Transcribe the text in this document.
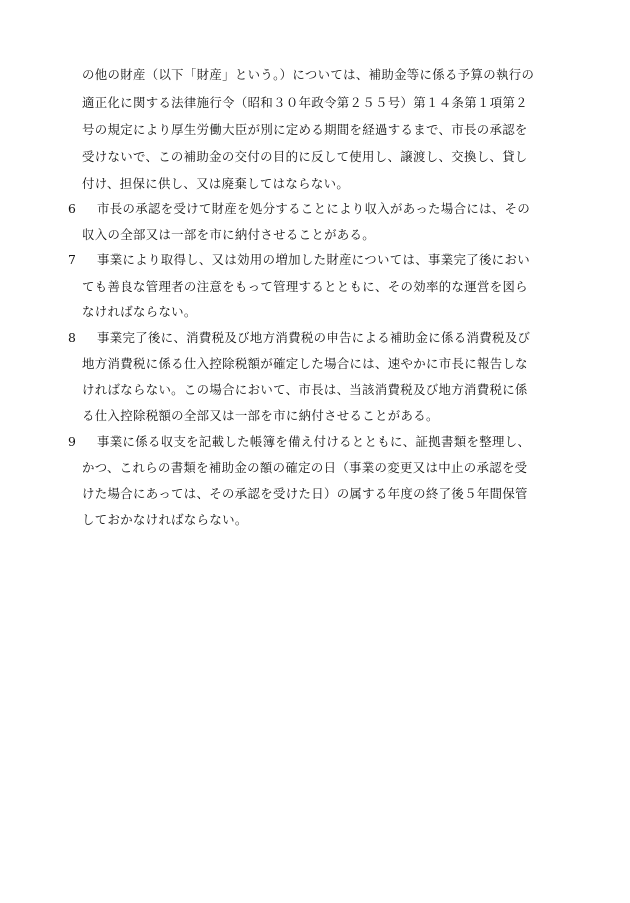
の他の財産（以下「財産」という。）については、補助金等に係る予算の執行の
適正化に関する法律施行令（昭和３０年政令第２５５号）第１４条第１項第２
号の規定により厚生労働大臣が別に定める期間を経過するまで、市長の承認を
受けないで、この補助金の交付の目的に反して使用し、譲渡し、交換し、貸し
付け、担保に供し、又は廃棄してはならない。
6 市長の承認を受けて財産を処分することにより収入があった場合には、その
収入の全部又は一部を市に納付させることがある。
7 事業により取得し、又は効用の増加した財産については、事業完了後におい
ても善良な管理者の注意をもって管理するとともに、その効率的な運営を図ら
なければならない。
8 事業完了後に、消費税及び地方消費税の申告による補助金に係る消費税及び
地方消費税に係る仕入控除税額が確定した場合には、速やかに市長に報告しな
ければならない。この場合において、市長は、当該消費税及び地方消費税に係
る仕入控除税額の全部又は一部を市に納付させることがある。
9 事業に係る収支を記載した帳簿を備え付けるとともに、証拠書類を整理し、
かつ、これらの書類を補助金の額の確定の日（事業の変更又は中止の承認を受
けた場合にあっては、その承認を受けた日）の属する年度の終了後５年間保管
しておかなければならない。
